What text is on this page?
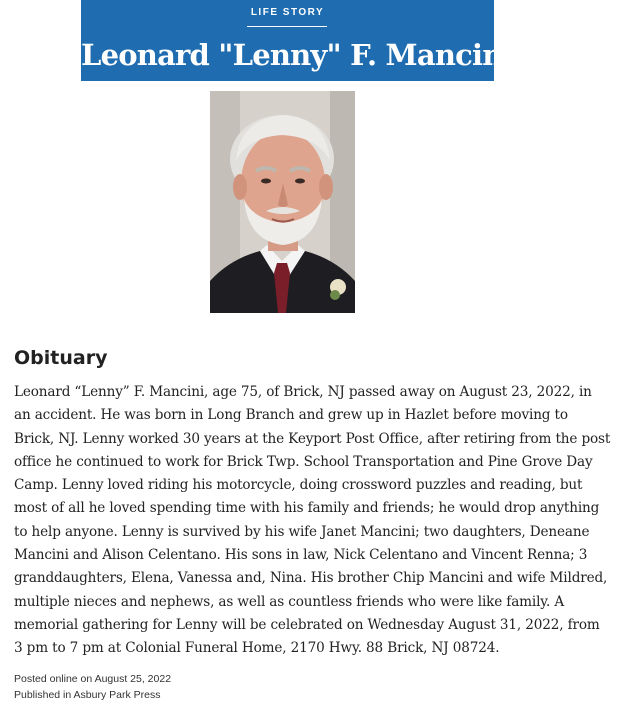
LIFE STORY
Leonard "Lenny" F. Mancini
Obituary

Leonard “Lenny” F. Mancini, age 75, of Brick, NJ passed away on August 23, 2022, in an accident. He was born in Long Branch and grew up in Hazlet before moving to Brick, NJ. Lenny worked 30 years at the Keyport Post Office, after retiring from the post office he continued to work for Brick Twp. School Transportation and Pine Grove Day Camp. Lenny loved riding his motorcycle, doing crossword puzzles and reading, but most of all he loved spending time with his family and friends; he would drop anything to help anyone. Lenny is survived by his wife Janet Mancini; two daughters, Deneane Mancini and Alison Celentano. His sons in law, Nick Celentano and Vincent Renna; 3 granddaughters, Elena, Vanessa and, Nina. His brother Chip Mancini and wife Mildred, multiple nieces and nephews, as well as countless friends who were like family. A memorial gathering for Lenny will be celebrated on Wednesday August 31, 2022, from 3 pm to 7 pm at Colonial Funeral Home, 2170 Hwy. 88 Brick, NJ 08724.

Posted online on August 25, 2022
Published in Asbury Park Press
